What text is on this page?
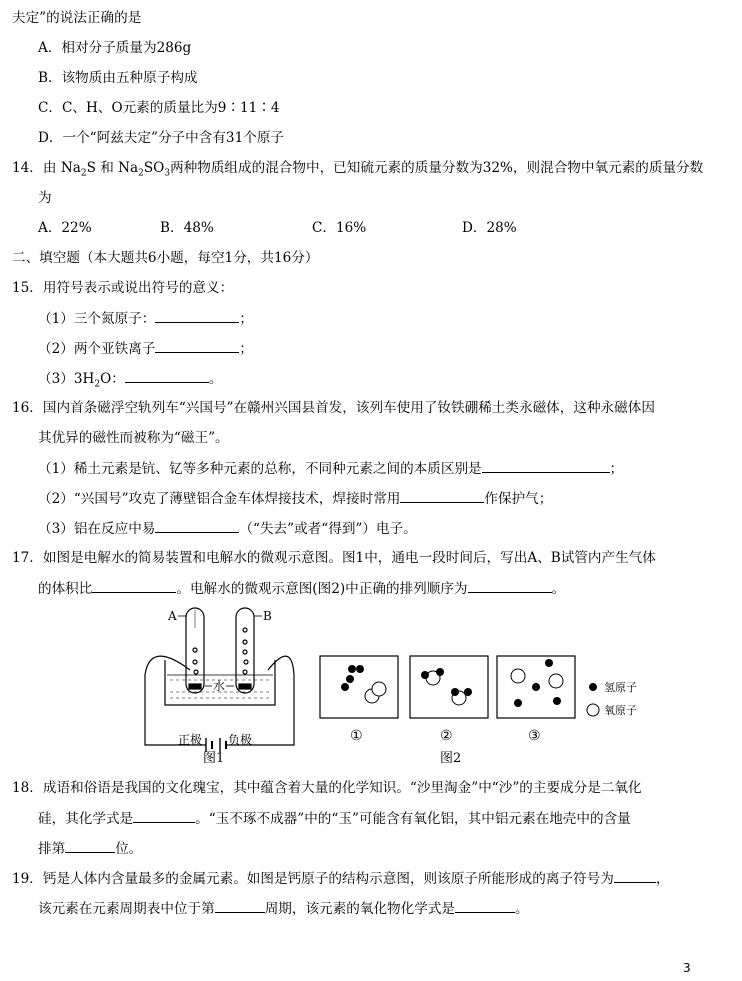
夫定”的说法正确的是
A．相对分子质量为286g
B．该物质由五种原子构成
C．C、H、O元素的质量比为9∶11∶4
D．一个“阿兹夫定”分子中含有31个原子
14．由 $Na_2S$ 和 $Na_2SO_3$两种物质组成的混合物中，已知硫元素的质量分数为32%，则混合物中氧元素的质量分数
为
A．22%	B．48%	C．16%	D．28%
二、填空题（本大题共6小题，每空1分，共16分）
15．用符号表示或说出符号的意义：
（1）三个氮原子：	；
（2）两个亚铁离子	；
$(3)3H_2O$：	。
16．国内首条磁浮空轨列车“兴国号”在赣州兴国县首发，该列车使用了钕铁硼稀土类永磁体，这种永磁体因
其优异的磁性而被称为“磁王”。
（1）稀土元素是钪、钇等多种元素的总称，不同种元素之间的本质区别是	；
（2）“兴国号”攻克了薄壁铝合金车体焊接技术，焊接时常用	作保护气；
（3）铝在反应中易	（“失去”或者“得到”）电子。
17．如图是电解水的简易装置和电解水的微观示意图。图1中，通电一段时间后，写出A、B试管内产生气体
的体积比	。电解水的微观示意图(图2)中正确的排列顺序为	。
A	B
水
正极 负极
图1
①	②	③
图2
氢原子
氧原子
18．成语和俗语是我国的文化瑰宝，其中蕴含着大量的化学知识。“沙里淘金”中“沙”的主要成分是二氧化
硅，其化学式是	。“玉不琢不成器”中的“玉”可能含有氧化铝，其中铝元素在地壳中的含量
排第	位。
19．钙是人体内含量最多的金属元素。如图是钙原子的结构示意图，则该原子所能形成的离子符号为	，
该元素在元素周期表中位于第	周期，该元素的氧化物化学式是	。
3
